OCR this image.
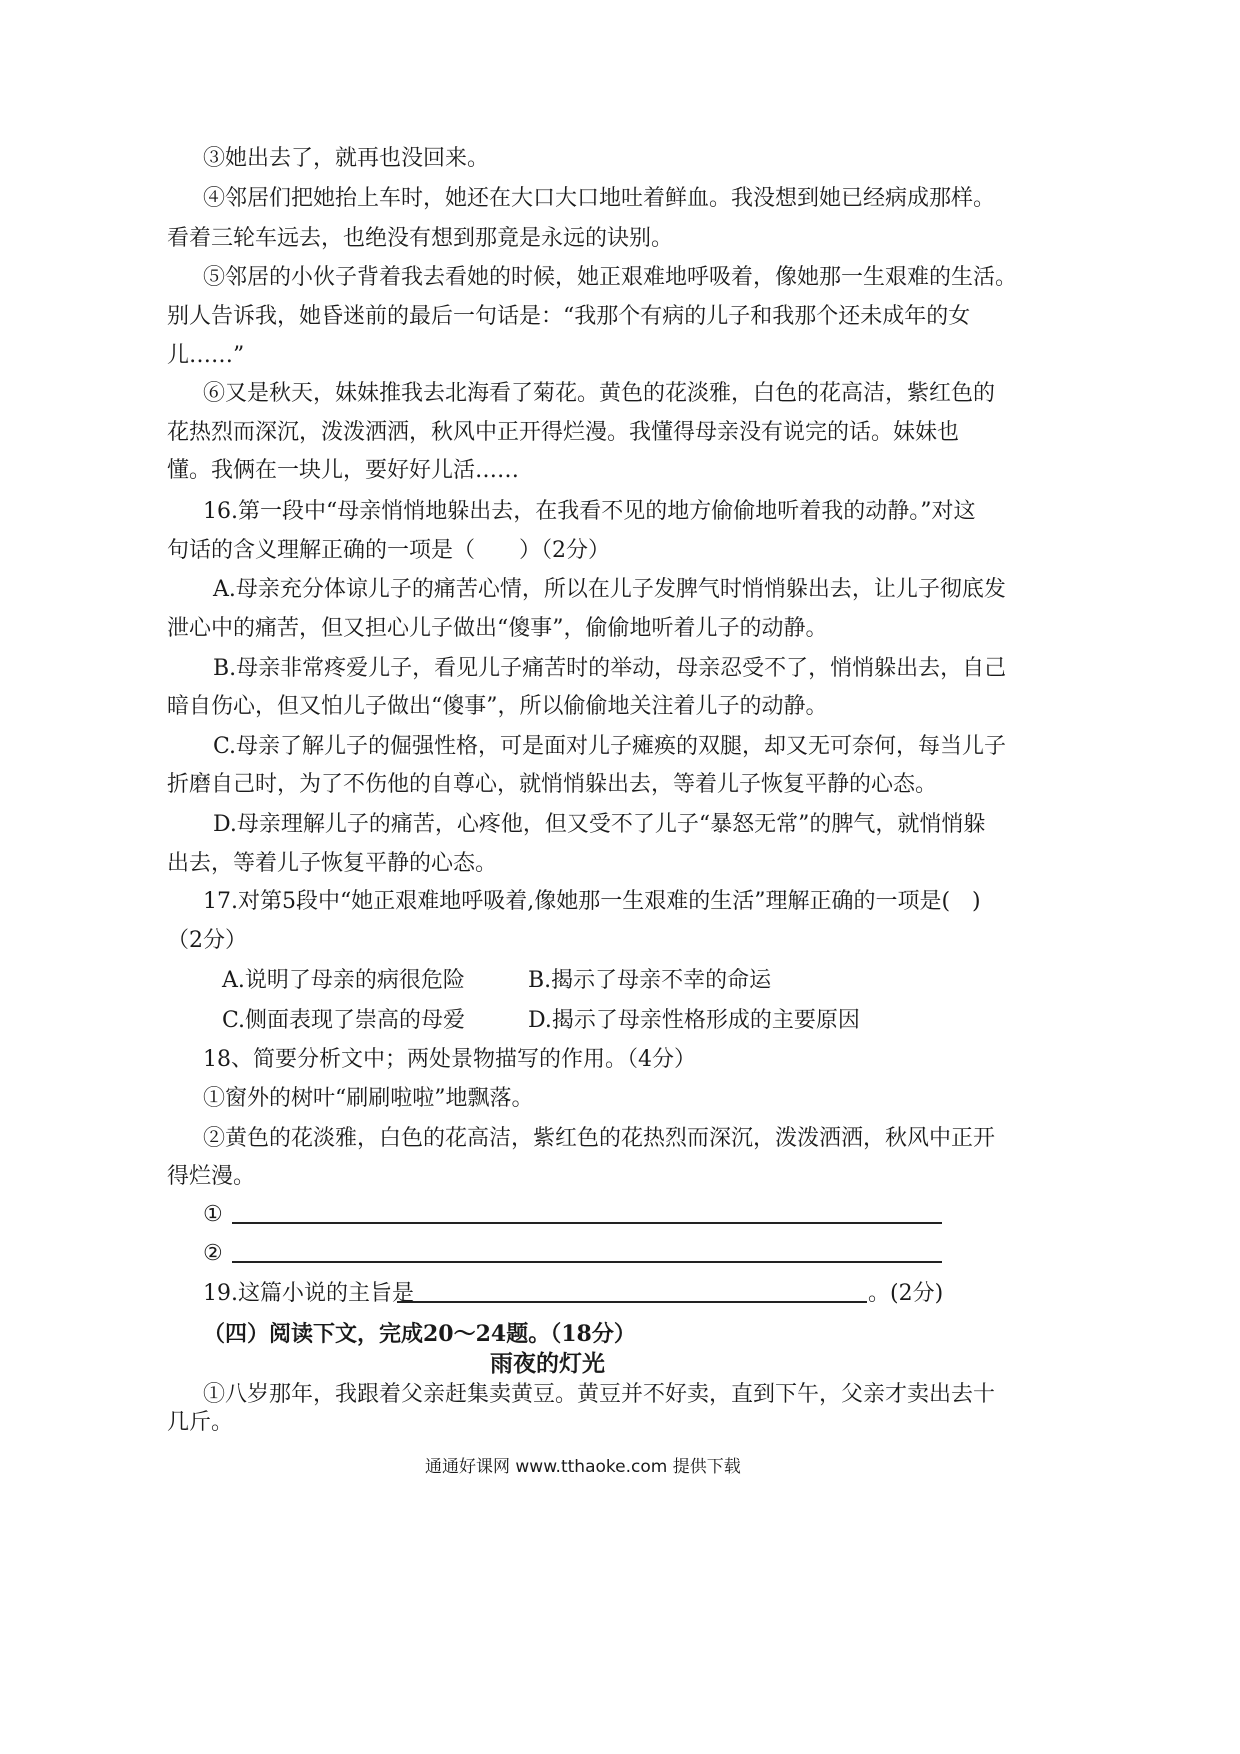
③她出去了，就再也没回来。
④邻居们把她抬上车时，她还在大口大口地吐着鲜血。我没想到她已经病成那样。
看着三轮车远去，也绝没有想到那竟是永远的诀别。
⑤邻居的小伙子背着我去看她的时候，她正艰难地呼吸着，像她那一生艰难的生活。
别人告诉我，她昏迷前的最后一句话是：“我那个有病的儿子和我那个还未成年的女
儿……”
⑥又是秋天，妹妹推我去北海看了菊花。黄色的花淡雅，白色的花高洁，紫红色的
花热烈而深沉，泼泼洒洒，秋风中正开得烂漫。我懂得母亲没有说完的话。妹妹也
懂。我俩在一块儿，要好好儿活……
16.第一段中“母亲悄悄地躲出去，在我看不见的地方偷偷地听着我的动静。”对这
句话的含义理解正确的一项是（　　）（2分）
A.母亲充分体谅儿子的痛苦心情，所以在儿子发脾气时悄悄躲出去，让儿子彻底发
泄心中的痛苦，但又担心儿子做出“傻事”，偷偷地听着儿子的动静。
B.母亲非常疼爱儿子，看见儿子痛苦时的举动，母亲忍受不了，悄悄躲出去，自己
暗自伤心，但又怕儿子做出“傻事”，所以偷偷地关注着儿子的动静。
C.母亲了解儿子的倔强性格，可是面对儿子瘫痪的双腿，却又无可奈何，每当儿子
折磨自己时，为了不伤他的自尊心，就悄悄躲出去，等着儿子恢复平静的心态。
D.母亲理解儿子的痛苦，心疼他，但又受不了儿子“暴怒无常”的脾气，就悄悄躲
出去，等着儿子恢复平静的心态。
17.对第5段中“她正艰难地呼吸着,像她那一生艰难的生活”理解正确的一项是(　)
（2分）
A.说明了母亲的病很危险	B.揭示了母亲不幸的命运
C.侧面表现了崇高的母爱	D.揭示了母亲性格形成的主要原因
18、简要分析文中；两处景物描写的作用。（4分）
①窗外的树叶“刷刷啦啦”地飘落。
②黄色的花淡雅，白色的花高洁，紫红色的花热烈而深沉，泼泼洒洒，秋风中正开
得烂漫。
①
②
19.这篇小说的主旨是	。(2分)
（四）阅读下文，完成20～24题。（18分）
雨夜的灯光
①八岁那年，我跟着父亲赶集卖黄豆。黄豆并不好卖，直到下午，父亲才卖出去十
几斤。
通通好课网 www.tthaoke.com 提供下载
